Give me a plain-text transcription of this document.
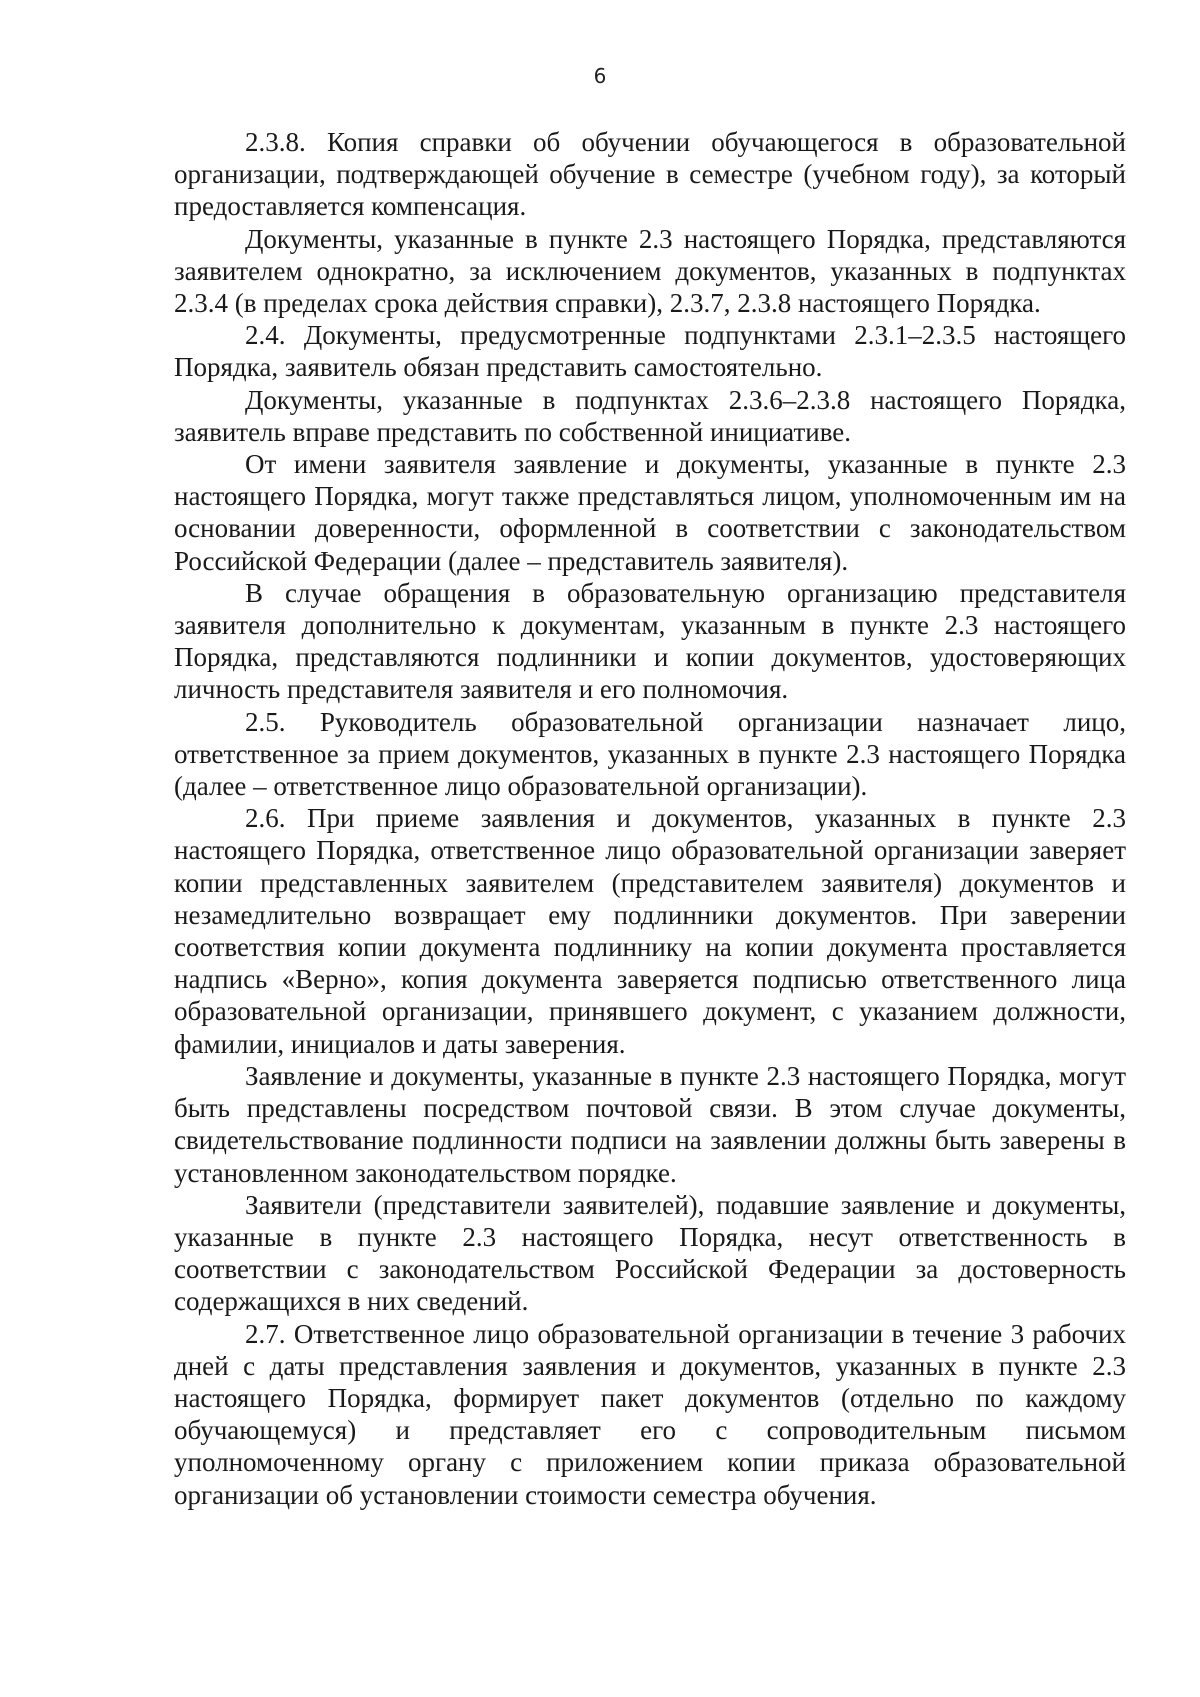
6

2.3.8. Копия справки об обучении обучающегося в образовательной организации, подтверждающей обучение в семестре (учебном году), за который предоставляется компенсация.

Документы, указанные в пункте 2.3 настоящего Порядка, представляются заявителем однократно, за исключением документов, указанных в подпунктах 2.3.4 (в пределах срока действия справки), 2.3.7, 2.3.8 настоящего Порядка.

2.4. Документы, предусмотренные подпунктами 2.3.1–2.3.5 настоящего Порядка, заявитель обязан представить самостоятельно.

Документы, указанные в подпунктах 2.3.6–2.3.8 настоящего Порядка, заявитель вправе представить по собственной инициативе.

От имени заявителя заявление и документы, указанные в пункте 2.3 настоящего Порядка, могут также представляться лицом, уполномоченным им на основании доверенности, оформленной в соответствии с законодательством Российской Федерации (далее – представитель заявителя).

В случае обращения в образовательную организацию представителя заявителя дополнительно к документам, указанным в пункте 2.3 настоящего Порядка, представляются подлинники и копии документов, удостоверяющих личность представителя заявителя и его полномочия.

2.5. Руководитель образовательной организации назначает лицо, ответственное за прием документов, указанных в пункте 2.3 настоящего Порядка (далее – ответственное лицо образовательной организации).

2.6. При приеме заявления и документов, указанных в пункте 2.3 настоящего Порядка, ответственное лицо образовательной организации заверяет копии представленных заявителем (представителем заявителя) документов и незамедлительно возвращает ему подлинники документов. При заверении соответствия копии документа подлиннику на копии документа проставляется надпись «Верно», копия документа заверяется подписью ответственного лица образовательной организации, принявшего документ, с указанием должности, фамилии, инициалов и даты заверения.

Заявление и документы, указанные в пункте 2.3 настоящего Порядка, могут быть представлены посредством почтовой связи. В этом случае документы, свидетельствование подлинности подписи на заявлении должны быть заверены в установленном законодательством порядке.

Заявители (представители заявителей), подавшие заявление и документы, указанные в пункте 2.3 настоящего Порядка, несут ответственность в соответствии с законодательством Российской Федерации за достоверность содержащихся в них сведений.

2.7. Ответственное лицо образовательной организации в течение 3 рабочих дней с даты представления заявления и документов, указанных в пункте 2.3 настоящего Порядка, формирует пакет документов (отдельно по каждому обучающемуся) и представляет его с сопроводительным письмом уполномоченному органу с приложением копии приказа образовательной организации об установлении стоимости семестра обучения.
